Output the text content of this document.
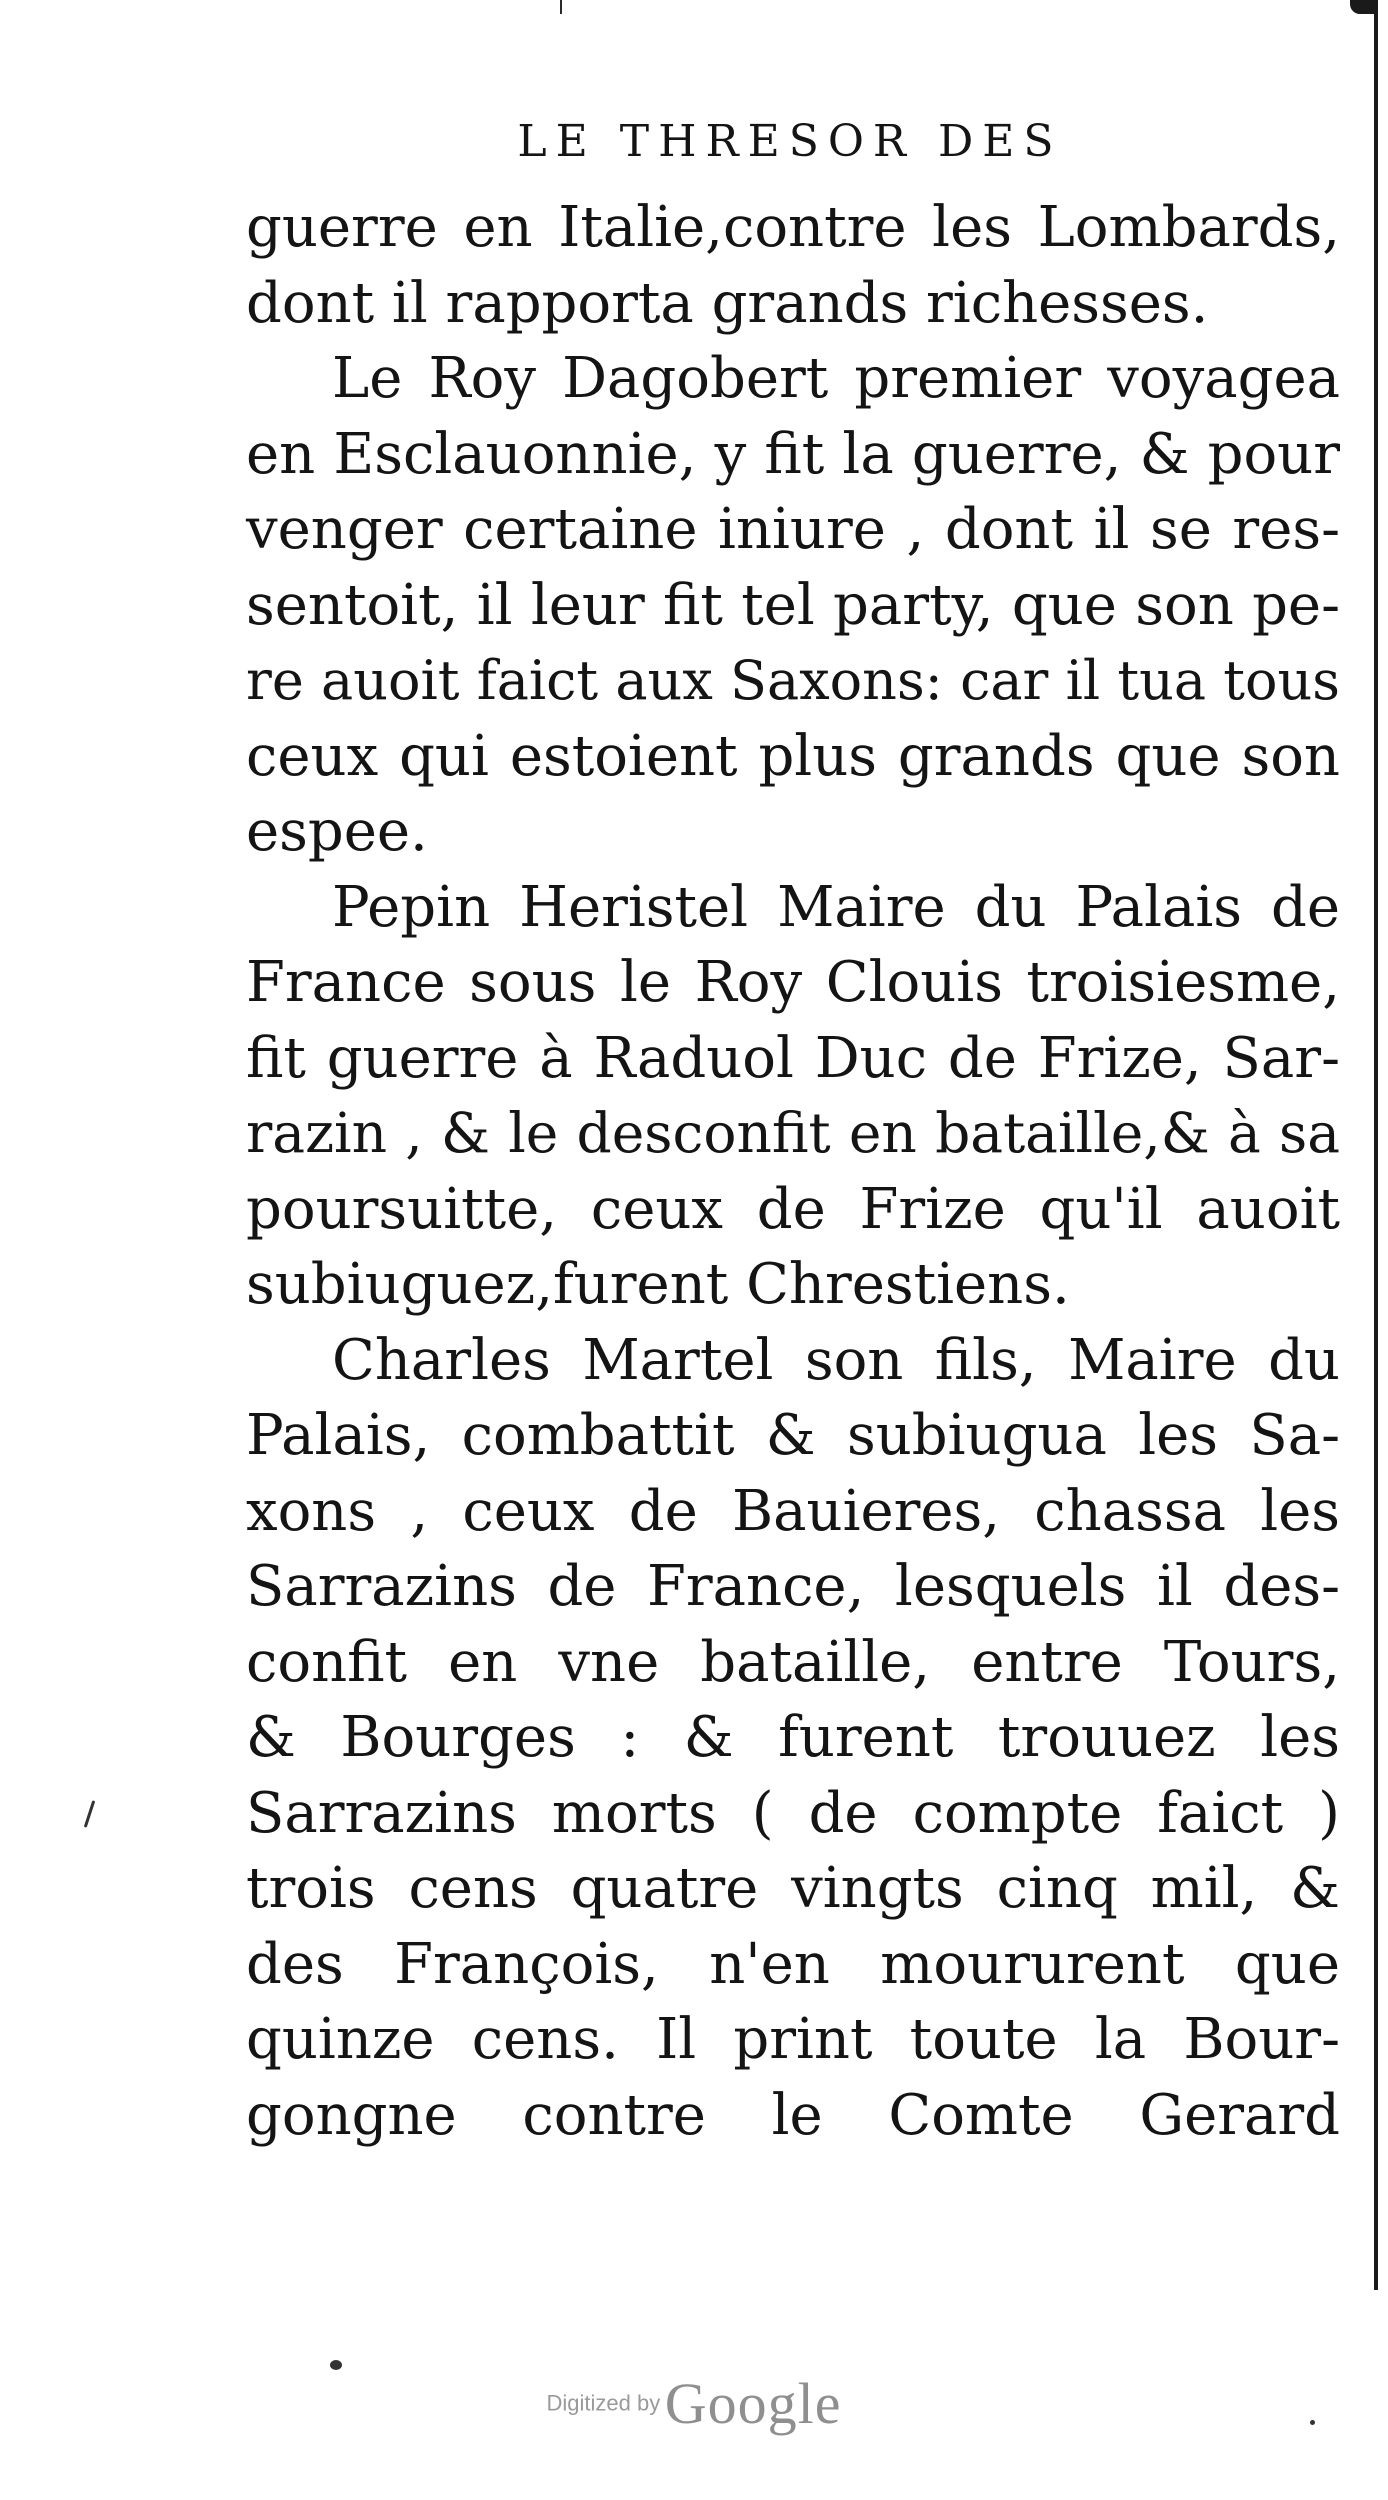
LE THRESOR DES
guerre en Italie,contre les Lombards,
dont il rapporta grands richesses.
Le Roy Dagobert premier voyagea
en Esclauonnie, y fit la guerre, & pour
venger certaine iniure , dont il se res-
sentoit, il leur fit tel party, que son pe-
re auoit faict aux Saxons: car il tua tous
ceux qui estoient plus grands que son
espee.
Pepin Heristel Maire du Palais de
France sous le Roy Clouis troisiesme,
fit guerre à Raduol Duc de Frize, Sar-
razin , & le desconfit en bataille,& à sa
poursuitte, ceux de Frize qu'il auoit
subiuguez,furent Chrestiens.
Charles Martel son fils, Maire du
Palais, combattit & subiugua les Sa-
xons , ceux de Bauieres, chassa les
Sarrazins de France, lesquels il des-
confit en vne bataille, entre Tours,
& Bourges : & furent trouuez les
Sarrazins morts ( de compte faict )
trois cens quatre vingts cinq mil, &
des François, n'en moururent que
quinze cens. Il print toute la Bour-
gongne contre le Comte Gerard
Digitized by Google
